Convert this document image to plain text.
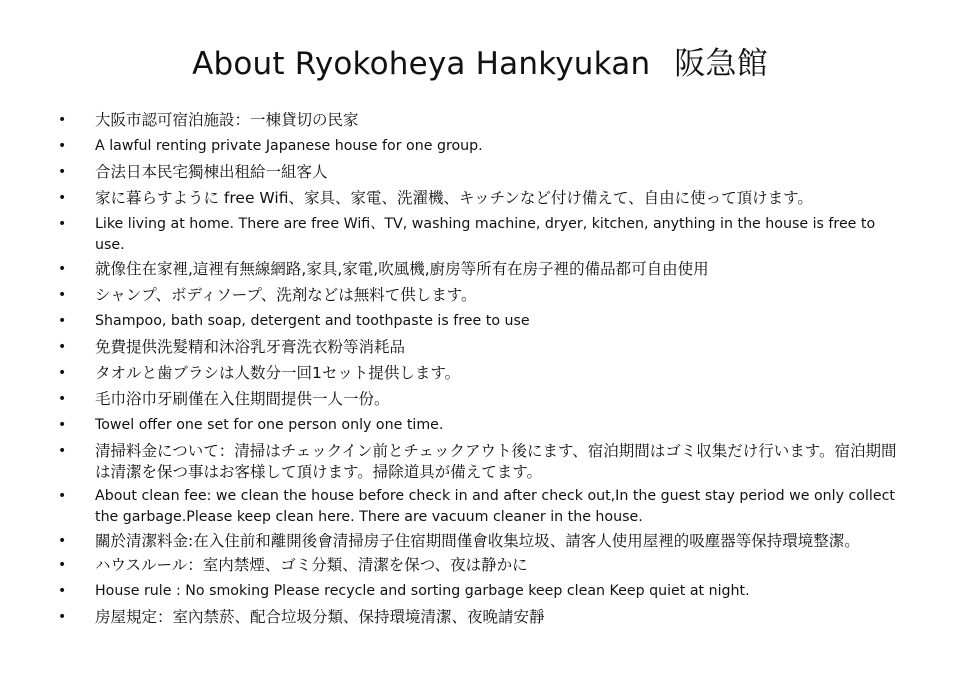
About Ryokoheya Hankyukan 阪急館
• 大阪市認可宿泊施設：一棟貸切の民家
• A lawful renting private Japanese house for one group.
• 合法日本民宅獨棟出租給一組客人
• 家に暮らすように free Wifi、家具、家電、洗濯機、キッチンなど付け備えて、自由に使って頂けます。
• Like living at home. There are free Wifi、TV, washing machine, dryer, kitchen, anything in the house is free to use.
• 就像住在家裡,這裡有無線網路,家具,家電,吹風機,廚房等所有在房子裡的備品都可自由使用
• シャンプ、ボディソープ、洗剤などは無料て供します。
• Shampoo, bath soap, detergent and toothpaste is free to use
• 免費提供洗髮精和沐浴乳牙膏洗衣粉等消耗品
• タオルと歯ブラシは人数分一回1セット提供します。
• 毛巾浴巾牙刷僅在入住期間提供一人一份。
• Towel offer one set for one person only one time.
• 清掃料金について：清掃はチェックイン前とチェックアウト後にます、宿泊期間はゴミ収集だけ行います。宿泊期間は清潔を保つ事はお客様して頂けます。掃除道具が備えてます。
• About clean fee: we clean the house before check in and after check out,In the guest stay period we only collect the garbage.Please keep clean here. There are vacuum cleaner in the house.
• 關於清潔料金:在入住前和離開後會清掃房子住宿期間僅會收集垃圾、請客人使用屋裡的吸塵器等保持環境整潔。
• ハウスルール：室内禁煙、ゴミ分類、清潔を保つ、夜は静かに
• House rule : No smoking Please recycle and sorting garbage keep clean Keep quiet at night.
• 房屋規定：室內禁菸、配合垃圾分類、保持環境清潔、夜晚請安靜
